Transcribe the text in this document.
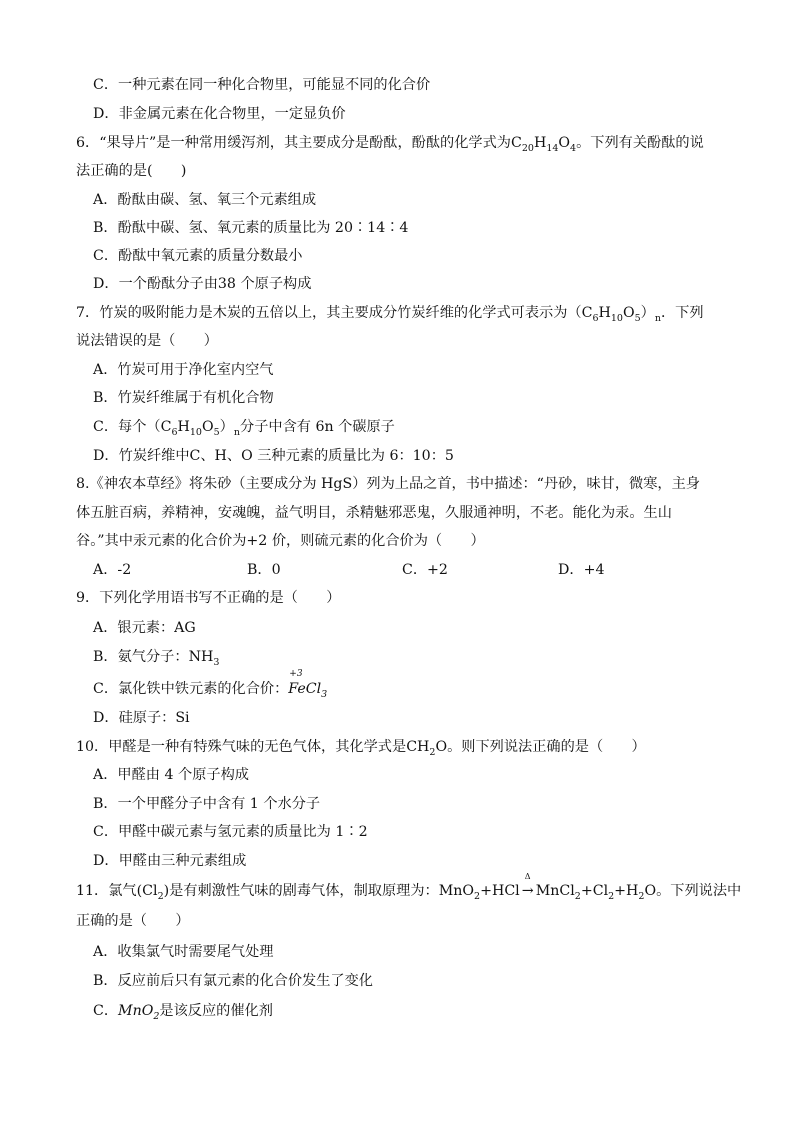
C．一种元素在同一种化合物里，可能显不同的化合价
D．非金属元素在化合物里，一定显负价
6．“果导片”是一种常用缓泻剂，其主要成分是酚酞，酚酞的化学式为$C_{20}H_{14}O_4$。下列有关酚酞的说
法正确的是(　　)
A．酚酞由碳、氢、氧三个元素组成
B．酚酞中碳、氢、氧元素的质量比为 20∶14∶4
C．酚酞中氧元素的质量分数最小
D．一个酚酞分子由38 个原子构成
7．竹炭的吸附能力是木炭的五倍以上，其主要成分竹炭纤维的化学式可表示为$(C_6H_{10}O_5)_n$．下列
说法错误的是（　　）
A．竹炭可用于净化室内空气
B．竹炭纤维属于有机化合物
C．每个$(C_6H_{10}O_5)_n$分子中含有 6n 个碳原子
D．竹炭纤维中C、H、O 三种元素的质量比为 6：10：5
8.《神农本草经》将朱砂（主要成分为 HgS）列为上品之首，书中描述：“丹砂，味甘，微寒，主身
体五脏百病，养精神，安魂魄，益气明目，杀精魅邪恶鬼，久服通神明，不老。能化为汞。生山
谷。”其中汞元素的化合价为+2 价，则硫元素的化合价为（　　）
A．-2	B．0	C．+2	D．+4
9．下列化学用语书写不正确的是（　　）
A．银元素：AG
B．氨气分子：$NH_3$
C．氯化铁中铁元素的化合价：
+3
FeCl$_3$
D．硅原子：Si
10．甲醛是一种有特殊气味的无色气体，其化学式是$CH_2O$。则下列说法正确的是（　　）
A．甲醛由 4 个原子构成
B．一个甲醛分子中含有 1 个水分子
C．甲醛中碳元素与氢元素的质量比为 1∶2
D．甲醛由三种元素组成
11．氯气$(Cl_2)$是有刺激性气味的剧毒气体，制取原理为：MnO$_2$+HCl
Δ
→ $MnCl_2+Cl_2+H_2O$。下列说法中
正确的是（　　）
A．收集氯气时需要尾气处理
B．反应前后只有氯元素的化合价发生了变化
C．MnO$_2$是该反应的催化剂
